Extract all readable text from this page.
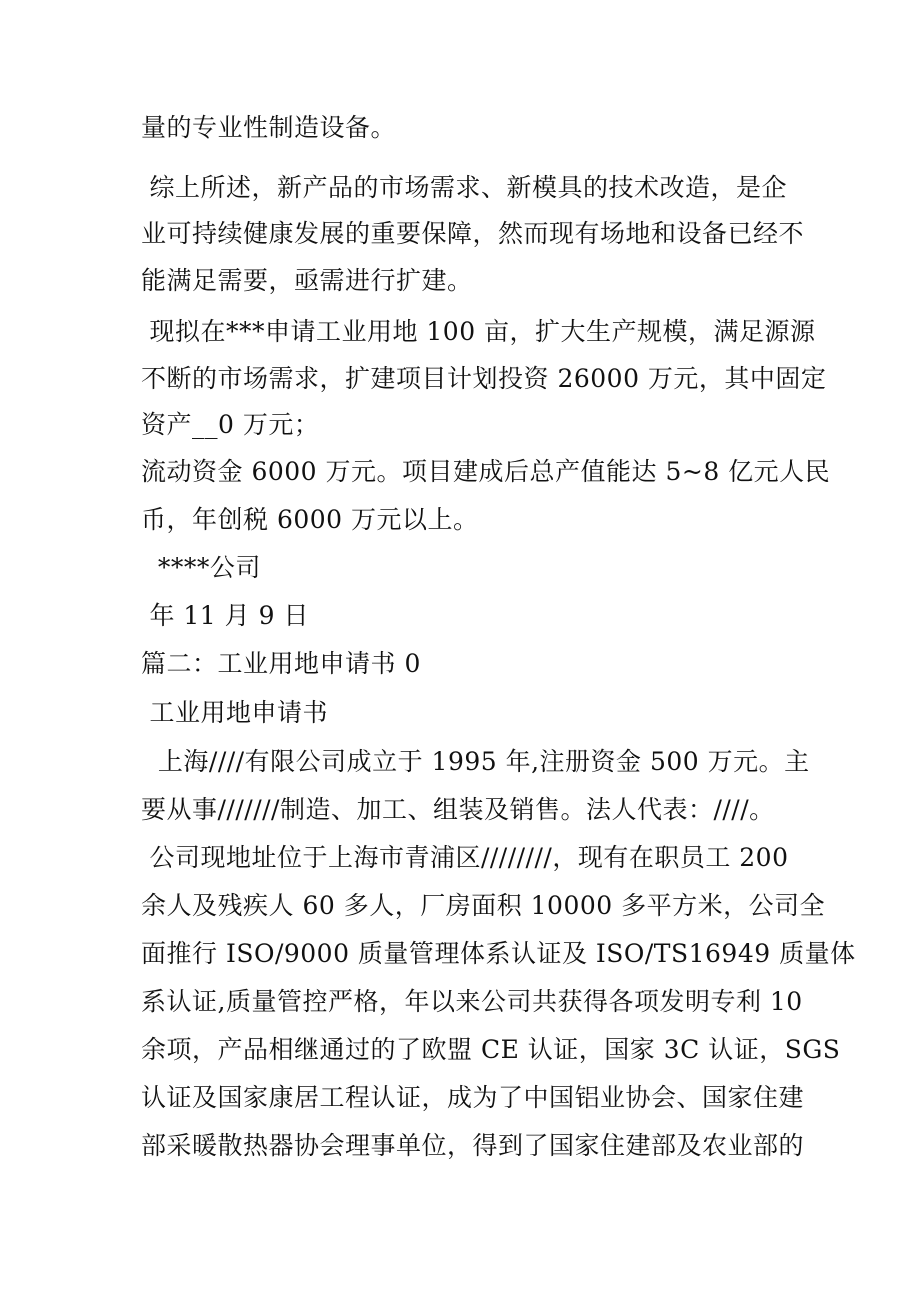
量的专业性制造设备。
综上所述，新产品的市场需求、新模具的技术改造，是企
业可持续健康发展的重要保障，然而现有场地和设备已经不
能满足需要，亟需进行扩建。
现拟在***申请工业用地 100 亩，扩大生产规模，满足源源
不断的市场需求，扩建项目计划投资 26000 万元，其中固定
资产__0 万元；
流动资金 6000 万元。项目建成后总产值能达 5~8 亿元人民
币，年创税 6000 万元以上。
****公司
年 11 月 9 日
篇二：工业用地申请书 0
工业用地申请书
上海////有限公司成立于 1995 年,注册资金 500 万元。主
要从事///////制造、加工、组装及销售。法人代表：////。
公司现地址位于上海市青浦区////////，现有在职员工 200
余人及残疾人 60 多人，厂房面积 10000 多平方米，公司全
面推行 ISO/9000 质量管理体系认证及 ISO/TS16949 质量体
系认证,质量管控严格，年以来公司共获得各项发明专利 10
余项，产品相继通过的了欧盟 CE 认证，国家 3C 认证，SGS
认证及国家康居工程认证，成为了中国铝业协会、国家住建
部采暖散热器协会理事单位，得到了国家住建部及农业部的
